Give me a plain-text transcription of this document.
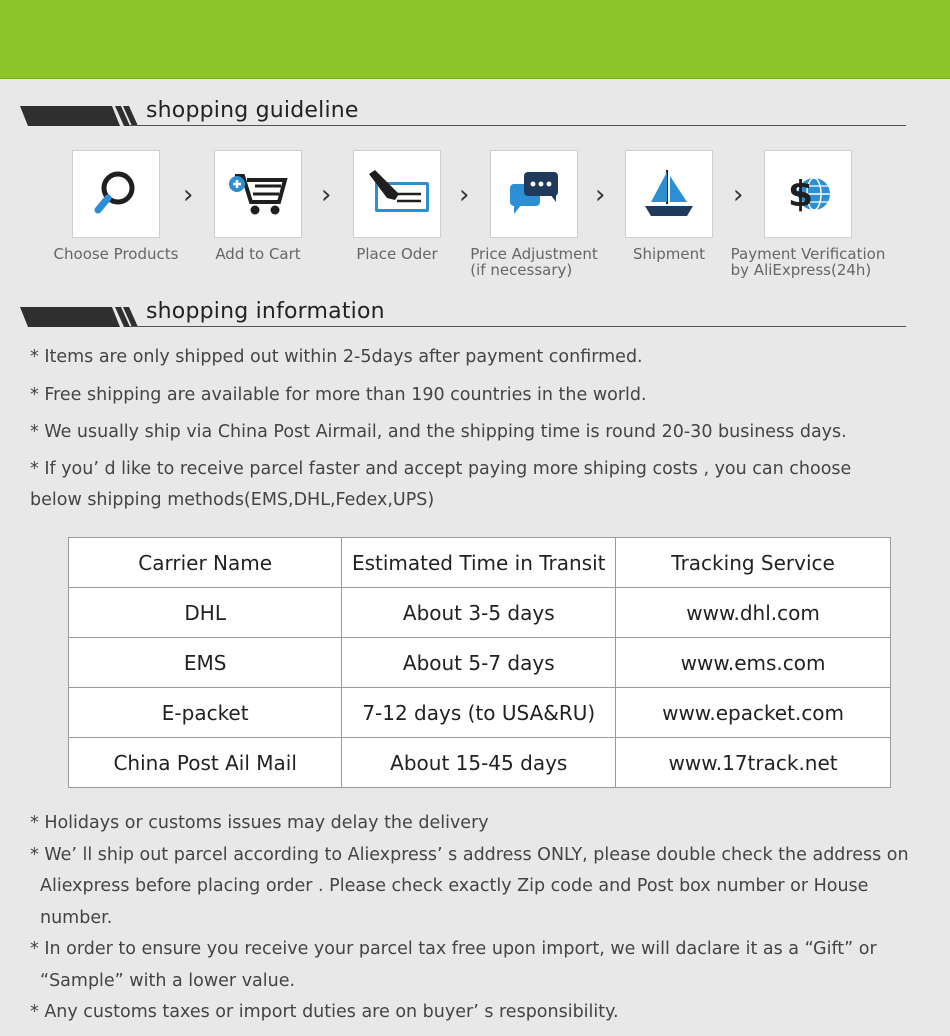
shopping guideline
Choose Products	Add to Cart	Place Oder	Price Adjustment
(if necessary)
Shipment
$
Payment Verification
by AliExpress(24h)
›	›	›	›	›
shopping information
* Items are only shipped out within 2-5days after payment confirmed.
* Free shipping are available for more than 190 countries in the world.
* We usually ship via China Post Airmail, and the shipping time is round 20-30 business days.
* If you’ d like to receive parcel faster and accept paying more shiping costs , you can choose
below shipping methods(EMS,DHL,Fedex,UPS)
Carrier Name	Estimated Time in Transit	Tracking Service
DHL	About 3-5 days	www.dhl.com
EMS	About 5-7 days	www.ems.com
E-packet	7-12 days (to USA&RU)	www.epacket.com
China Post Ail Mail	About 15-45 days	www.17track.net
* Holidays or customs issues may delay the delivery
* We’ ll ship out parcel according to Aliexpress’ s address ONLY, please double check the address on
Aliexpress before placing order . Please check exactly Zip code and Post box number or House
number.
* In order to ensure you receive your parcel tax free upon import, we will daclare it as a “Gift” or
“Sample” with a lower value.
* Any customs taxes or import duties are on buyer’ s responsibility.
